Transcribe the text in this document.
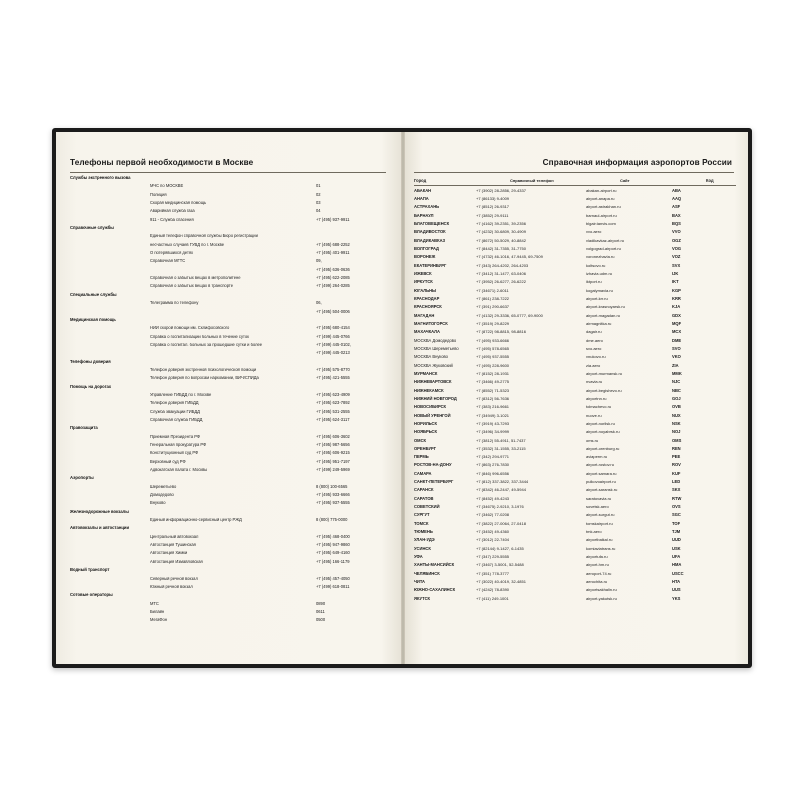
Телефоны первой необходимости в Москве
Службы экстренного вызова
МЧС по МОСКВЕ	01
Полиция	02
Скорая медицинская помощь	03
Аварийная служба газа	04
911 - Служба спасения	+7 (495) 937-9911
Справочные службы
Единый телефон справочной службы Бюро регистрации
несчастных случаев ГУВД по г. Москве	+7 (495) 688-2252
О потерявшихся детях	+7 (495) 401-9911
Справочная МГТС	09,
+7 (495) 636-0636
Справочная о забытых вещах в метрополитене	+7 (495) 622-2085
Справочная о забытых вещах в транспорте	+7 (499) 264-0285
Специальные службы
Телеграмма по телефону	06,
+7 (495) 504-0006
Медицинская помощь
НИИ скорой помощи им. Склифосовского	+7 (495) 680-4154
Справка о госпитализации больных в течение суток	+7 (499) 445-0766
Справка о госпитал. больных за прошедшие сутки и более	+7 (499) 445-0102,
+7 (499) 445-0213
Телефоны доверия
Телефон доверия экстренной психологической помощи	+7 (495) 575-8770
Телефон доверия по вопросам наркомании, ВИЧ/СПИДа	+7 (495) 421-5555
Помощь на дорогах
Управление ГИБДД по г. Москве	+7 (495) 623-4909
Телефон доверия ГИБДД	+7 (495) 623-7892
Служба эвакуации ГИБДД	+7 (495) 531-2555
Справочная служба ГИБДД	+7 (495) 624-3117
Правозащита
Приемная Президента РФ	+7 (495) 606-3602
Генеральная прокуратура РФ	+7 (495) 987-5656
Конституционный суд РФ	+7 (495) 606-9215
Верховный суд РФ	+7 (495) 951-7197
Адвокатская палата г. Москвы	+7 (499) 249-5969
Аэропорты
Шереметьево	8 (800) 100-6565
Домодедово	+7 (495) 933-6666
Внуково	+7 (495) 937-5555
Железнодорожные вокзалы
Единый информационно-сервисный центр РЖД	8 (800) 775-0000
Автовокзалы и автостанции
Центральный автовокзал	+7 (495) 468-0400
Автостанция Тушинская	+7 (495) 947-9860
Автостанция Химки	+7 (495) 649-4160
Автостанция Измайловская	+7 (495) 166-1179
Водный транспорт
Северный речной вокзал	+7 (495) 457-4050
Южный речной вокзал	+7 (499) 618-0811
Сотовые операторы
МТС	0890
Билайн	0611
МегаФон	0500
Справочная информация аэропортов России
Город	Справочный телефон	Сайт	Код
АБАКАН	+7 (3902) 28-2856, 29-4337	abakan-airport.ru	ABA
АНАПА	+7 (86133) 9-4009	airport-anapa.ru	AAQ
АСТРАХАНЬ	+7 (8512) 26-9317	airport.astrakhan.ru	ASF
БАРНАУЛ	+7 (3852) 29-9111	barnaul-airport.ru	BAX
БЛАГОВЕЩЕНСК	+7 (4162) 39-2351, 39-2356	blgair.tanvis.com	BQS
ВЛАДИВОСТОК	+7 (4232) 30-6809, 30-4909	vvo.aero	VVO
ВЛАДИКАВКАЗ	+7 (8672) 50-5029, 40-8842	vladikavkaz-airport.ru	OGZ
ВОЛГОГРАД	+7 (8442) 31-7355, 31-7750	volgograd-airport.ru	VOG
ВОРОНЕЖ	+7 (4732) 46-1016, 47-9445, 69-7509	voronezhavia.ru	VOZ
ЕКАТЕРИНБУРГ	+7 (343) 264-4202, 264-4203	koltsovo.ru	SVX
ИЖЕВСК	+7 (3412) 31-1477, 63-0406	izhavia.udm.ru	IJK
ИРКУТСК	+7 (3952) 26-6277, 26-6222	iktport.ru	IKT
ЮГАЛЬНЫ	+7 (34671) 2-6011	kogalymavia.ru	KGP
КРАСНОДАР	+7 (861) 238-7222	airport-krr.ru	KRR
КРАСНОЯРСК	+7 (391) 290-6637	airport-krasnoyarsk.ru	KJA
МАГАДАН	+7 (4132) 29-3336, 65-0777, 69-9000	airport-magadan.ru	GDX
МАГНИТОГОРСК	+7 (3519) 29-8229	airmagnitka.ru	MQF
МАХАЧКАЛА	+7 (8722) 98-8815, 98-8816	dagair.ru	MCX
МОСКВА Домодедово	+7 (495) 933-6666	dme.aero	DME
МОСКВА Шереметьево	+7 (495) 578-6565	svo.aero	SVO
МОСКВА Внуково	+7 (495) 937-5555	vnukovo.ru	VKO
МОСКВА Жуковский	+7 (495) 228-9600	zia.aero	ZIA
МУРМАНСК	+7 (8152) 28-1931	airport-murmansk.ru	MMK
НИЖНЕВАРТОВСК	+7 (3466) 49-2775	nvavia.ru	NJC
НИЖНЕКАМСК	+7 (8552) 71-5323	airport-begishevo.ru	NBC
НИЖНИЙ НОВГОРОД	+7 (8312) 56-7636	airportnn.ru	GOJ
НОВОСИБИРСК	+7 (383) 216-9661	tolmachevo.ru	OVB
НОВЫЙ УРЕНГОЙ	+7 (34949) 3-1021	nuove.ru	NUX
НОРИЛЬСК	+7 (3919) 43-7293	airport-norilsk.ru	NSK
НОЯБРЬСК	+7 (3496) 34-9999	airport-noyabrsk.ru	NOJ
ОМСК	+7 (3812) 55-4911, 51-7437	oms.ru	OMS
ОРЕНБУРГ	+7 (3532) 31-1555, 33-2115	airport-orenburg.ru	REN
ПЕРМЬ	+7 (342) 294-9771	aviaperm.ru	PEE
РОСТОВ-НА-ДОНУ	+7 (863) 276-7830	airport-rostov.ru	ROV
САМАРА	+7 (846) 996-6556	airport.samara.ru	KUF
САНКТ-ПЕТЕРБУРГ	+7 (812) 337-3822, 337-3444	pulkovoairport.ru	LED
САРАНСК	+7 (8342) 46-2447, 49-5944	airport-saransk.ru	SKX
САРАТОВ	+7 (8452) 49-4243	saratovavia.ru	RTW
СОВЕТСКИЙ	+7 (34675) 2-9210, 3-1976	sovetsk.aero	OVS
СУРГУТ	+7 (3462) 77-0208	airport-surgut.ru	SGC
ТОМСК	+7 (3822) 27-0064, 27-0418	tomskairport.ru	TOF
ТЮМЕНЬ	+7 (3452) 49-4360	tmk.aero	TJM
УЛАН-УДЭ	+7 (3012) 22-7404	airportbaikal.ru	UUD
УСИНСК	+7 (82144) 9-1427, 6-1435	komiaviatrans.ru	USK
УФА	+7 (347) 229-5555	airportufa.ru	UFA
ХАНТЫ-МАНСИЙСК	+7 (3467) 3-5001, 52-5488	airport-hm.ru	HMA
ЧЕЛЯБИНСК	+7 (351) 778-3777	aeroport-74.ru	USCC
ЧИТА	+7 (3022) 40-4019, 32-4851	aerochita.ru	HTA
ЮЖНО-САХАЛИНСК	+7 (4242) 78-8390	airportsakhalin.ru	UUS
ЯКУТСК	+7 (411) 249-1001	airport-yakutsk.ru	YKS
